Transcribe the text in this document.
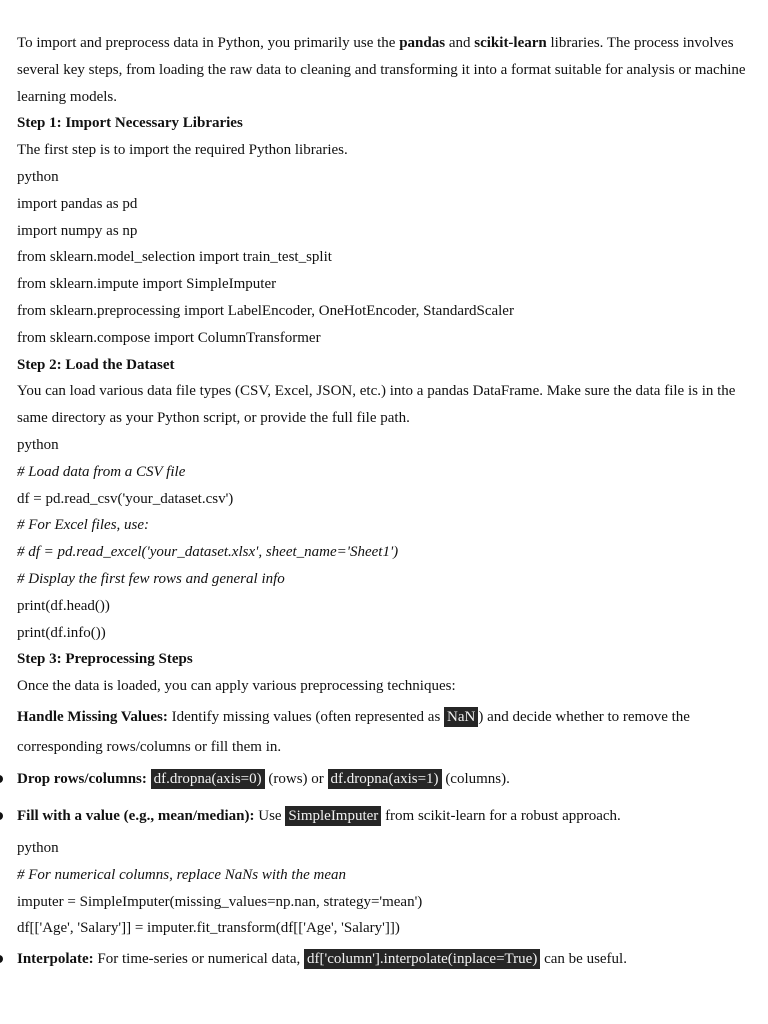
To import and preprocess data in Python, you primarily use the pandas and scikit-learn libraries. The process involves several key steps, from loading the raw data to cleaning and transforming it into a format suitable for analysis or machine learning models.
Step 1: Import Necessary Libraries
The first step is to import the required Python libraries.
python
import pandas as pd
import numpy as np
from sklearn.model_selection import train_test_split
from sklearn.impute import SimpleImputer
from sklearn.preprocessing import LabelEncoder, OneHotEncoder, StandardScaler
from sklearn.compose import ColumnTransformer
Step 2: Load the Dataset
You can load various data file types (CSV, Excel, JSON, etc.) into a pandas DataFrame. Make sure the data file is in the same directory as your Python script, or provide the full file path.
python
# Load data from a CSV file
df = pd.read_csv('your_dataset.csv')
# For Excel files, use:
# df = pd.read_excel('your_dataset.xlsx', sheet_name='Sheet1')
# Display the first few rows and general info
print(df.head())
print(df.info())
Step 3: Preprocessing Steps
Once the data is loaded, you can apply various preprocessing techniques:
Handle Missing Values: Identify missing values (often represented as NaN ) and decide whether to remove the corresponding rows/columns or fill them in.
Drop rows/columns: df.dropna(axis=0) (rows) or df.dropna(axis=1) (columns).
Fill with a value (e.g., mean/median): Use SimpleImputer from scikit-learn for a robust approach.
python
# For numerical columns, replace NaNs with the mean
imputer = SimpleImputer(missing_values=np.nan, strategy='mean')
df[['Age', 'Salary']] = imputer.fit_transform(df[['Age', 'Salary']])
Interpolate: For time-series or numerical data, df['column'].interpolate(inplace=True) can be useful.
